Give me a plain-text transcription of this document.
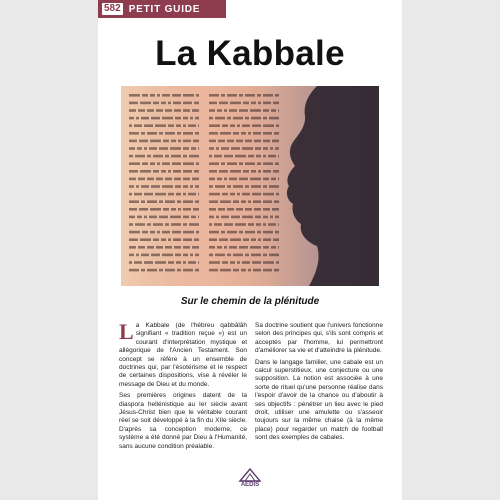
582 PETIT GUIDE
La Kabbale
© Fotolia
Sur le chemin de la plénitude

La Kabbale (de l'hébreu qabbâlâh signifiant « tradition reçue ») est un courant d'interprétation mystique et allégorique de l'Ancien Testament. Son concept se réfère à un ensemble de doctrines qui, par l'ésotérisme et le respect de certaines dispositions, vise à révéler le message de Dieu et du monde.

Ses premières origines datent de la diaspora hellénistique au Ier siècle avant Jésus-Christ bien que le véritable courant réel se soit développé à la fin du XIIe siècle. D'après sa conception moderne, ce système a été donné par Dieu à l'Humanité, sans aucune condition préalable.

Sa doctrine soutient que l'univers fonctionne selon des principes qui, s'ils sont compris et acceptés par l'homme, lui permettront d'améliorer sa vie et d'atteindre la plénitude.

Dans le langage familier, une cabale est un calcul superstitieux, une conjecture ou une supposition. La notion est associée à une sorte de rituel qu'une personne réalise dans l'espoir d'avoir de la chance ou d'aboutir à ses objectifs : pénétrer un lieu avec le pied droit, utiliser une amulette ou s'asseoir toujours sur la même chaise (à la même place) pour regarder un match de football sont des exemples de cabales.

AEDIS
